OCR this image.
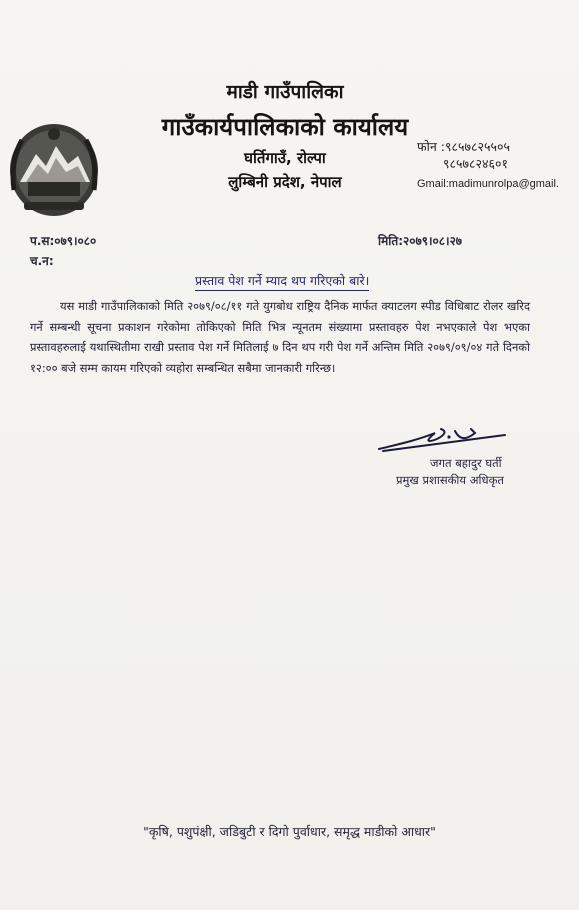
माडी गाउँपालिका
गाउँकार्यपालिकाको कार्यालय
घर्तिगाउँ, रोल्पा
लुम्बिनी प्रदेश, नेपाल
फोन :९८५७८२५५०५
९८५७८२४६०१
Gmail:madimunrolpa@gmail.
प.स:०७९।०८०
च.न:
मिति:२०७९।०८।२७
प्रस्ताव पेश गर्ने म्याद थप गरिएको बारे।

यस माडी गाउँपालिकाको मिति २०७९/०८/११ गते युगबोध राष्ट्रिय दैनिक मार्फत क्याटलग स्पीड विधिबाट रोलर खरिद गर्ने सम्बन्धी सूचना प्रकाशन गरेकोमा तोकिएको मिति भित्र न्यूनतम संख्यामा प्रस्तावहरु पेश नभएकाले पेश भएका प्रस्तावहरुलाई यथास्थितीमा राखी प्रस्ताव पेश गर्ने मितिलाई ७ दिन थप गरी पेश गर्ने अन्तिम मिति २०७९/०९/०४ गते दिनको १२:०० बजे सम्म कायम गरिएको व्यहोरा सम्बन्धित सबैमा जानकारी गरिन्छ।

जगत बहादुर घर्ती
प्रमुख प्रशासकीय अधिकृत
"कृषि, पशुपंक्षी, जडिबुटी र दिगो पुर्वाधार, समृद्ध माडीको आधार"
